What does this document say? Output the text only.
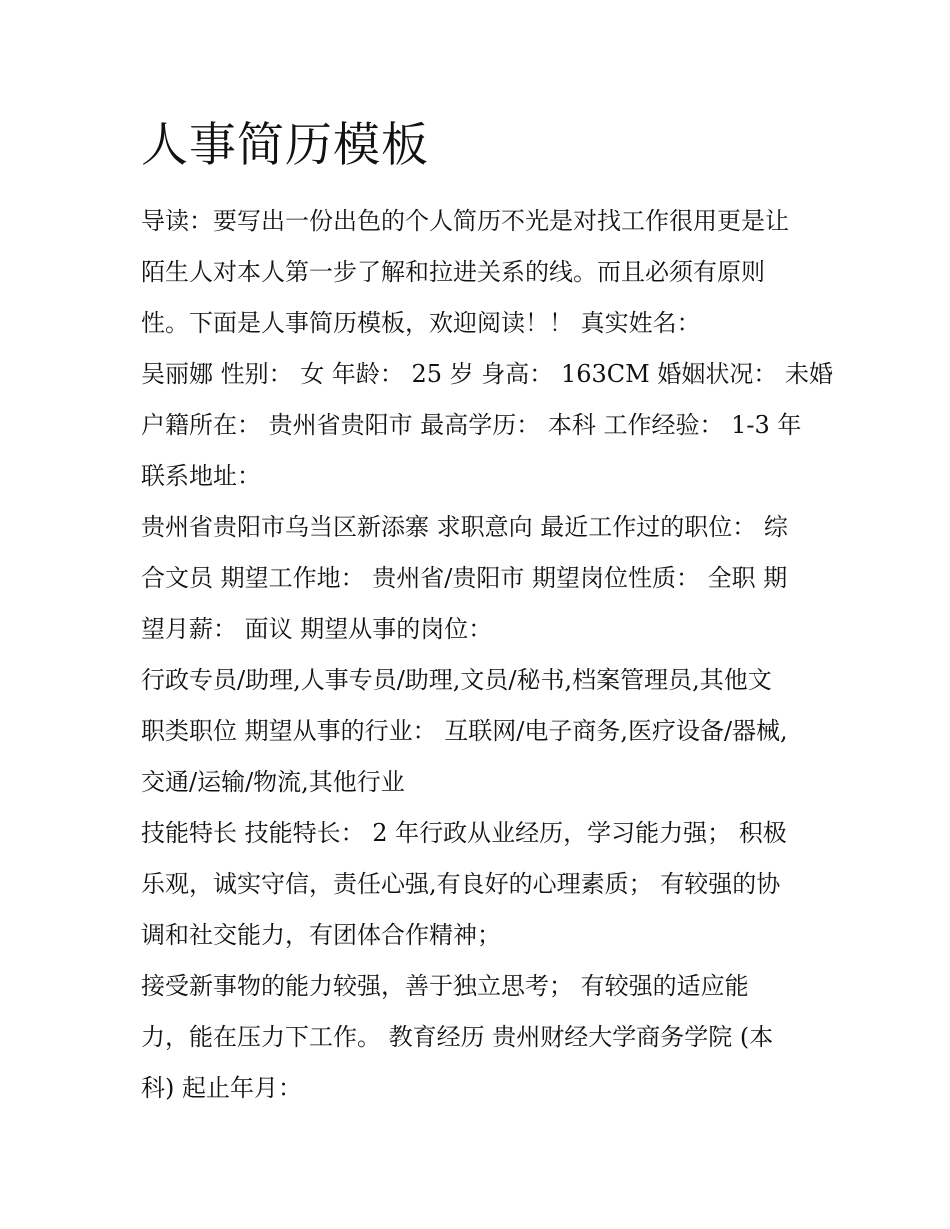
人事简历模板
导读：要写出一份出色的个人简历不光是对找工作很用更是让
陌生人对本人第一步了解和拉进关系的线。而且必须有原则
性。下面是人事简历模板，欢迎阅读！！ 真实姓名：
吴丽娜 性别： 女 年龄： 25 岁 身高： 163CM 婚姻状况： 未婚
户籍所在： 贵州省贵阳市 最高学历： 本科 工作经验： 1-3 年
联系地址：
贵州省贵阳市乌当区新添寨 求职意向 最近工作过的职位： 综
合文员 期望工作地： 贵州省/贵阳市 期望岗位性质： 全职 期
望月薪： 面议 期望从事的岗位：
行政专员/助理,人事专员/助理,文员/秘书,档案管理员,其他文
职类职位 期望从事的行业： 互联网/电子商务,医疗设备/器械,
交通/运输/物流,其他行业
技能特长 技能特长： 2 年行政从业经历，学习能力强； 积极
乐观，诚实守信，责任心强,有良好的心理素质； 有较强的协
调和社交能力，有团体合作精神；
接受新事物的能力较强，善于独立思考； 有较强的适应能
力，能在压力下工作。 教育经历 贵州财经大学商务学院 (本
科) 起止年月：
